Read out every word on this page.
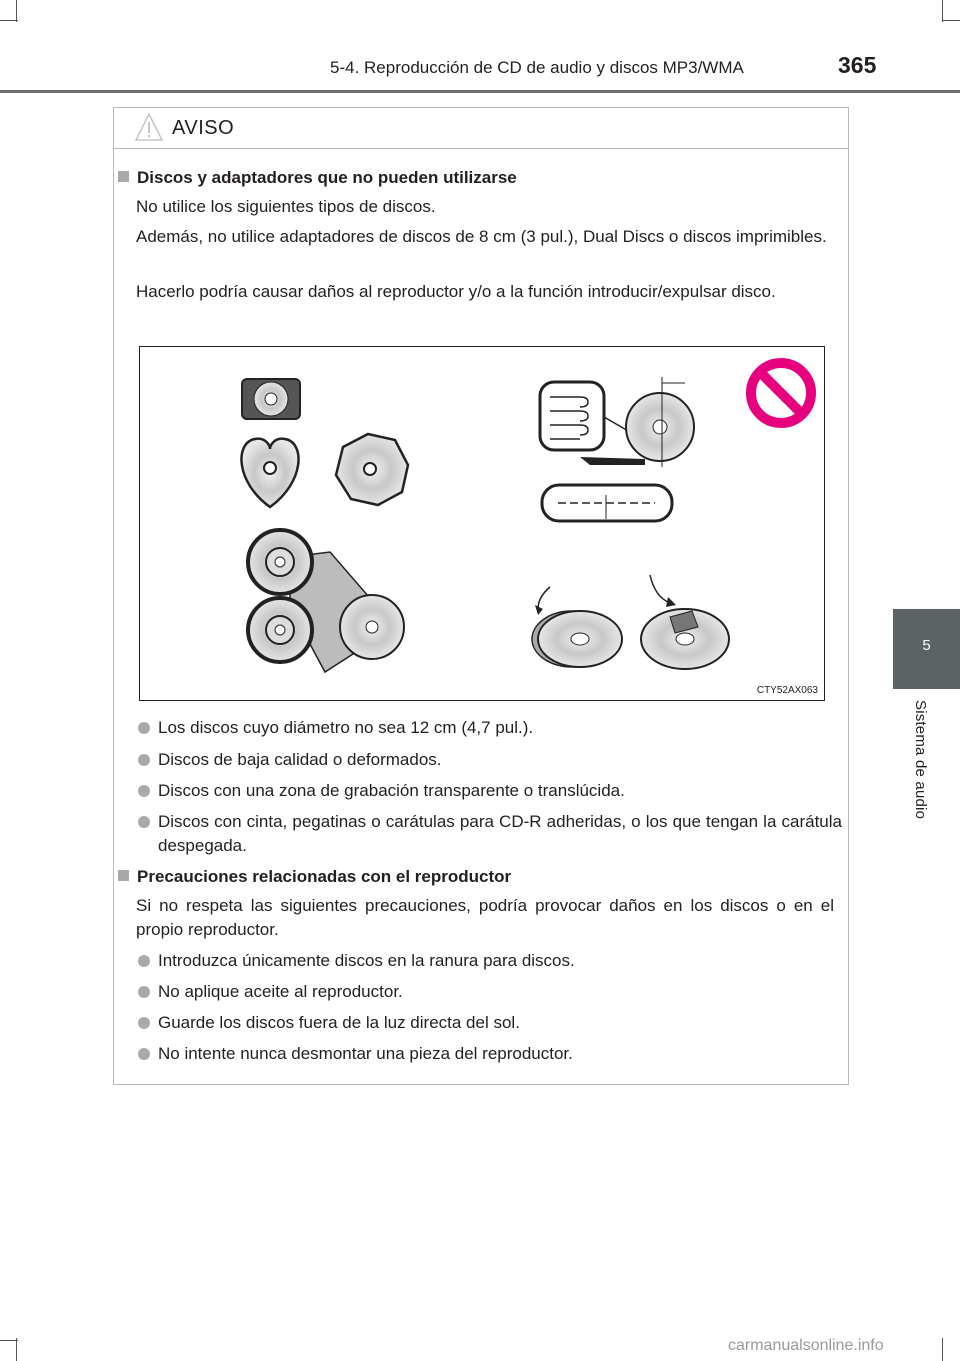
5-4. Reproducción de CD de audio y discos MP3/WMA	365
5
Sistema de audio
AVISO
Discos y adaptadores que no pueden utilizarse
No utilice los siguientes tipos de discos.
Además, no utilice adaptadores de discos de 8 cm (3 pul.), Dual Discs o discos imprimibles.
Hacerlo podría causar daños al reproductor y/o a la función introducir/expulsar disco.
CTY52AX063
Los discos cuyo diámetro no sea 12 cm (4,7 pul.).
Discos de baja calidad o deformados.
Discos con una zona de grabación transparente o translúcida.
Discos con cinta, pegatinas o carátulas para CD-R adheridas, o los que tengan la carátula despegada.
Precauciones relacionadas con el reproductor
Si no respeta las siguientes precauciones, podría provocar daños en los discos o en el propio reproductor.
Introduzca únicamente discos en la ranura para discos.
No aplique aceite al reproductor.
Guarde los discos fuera de la luz directa del sol.
No intente nunca desmontar una pieza del reproductor.
carmanualsonline.info
